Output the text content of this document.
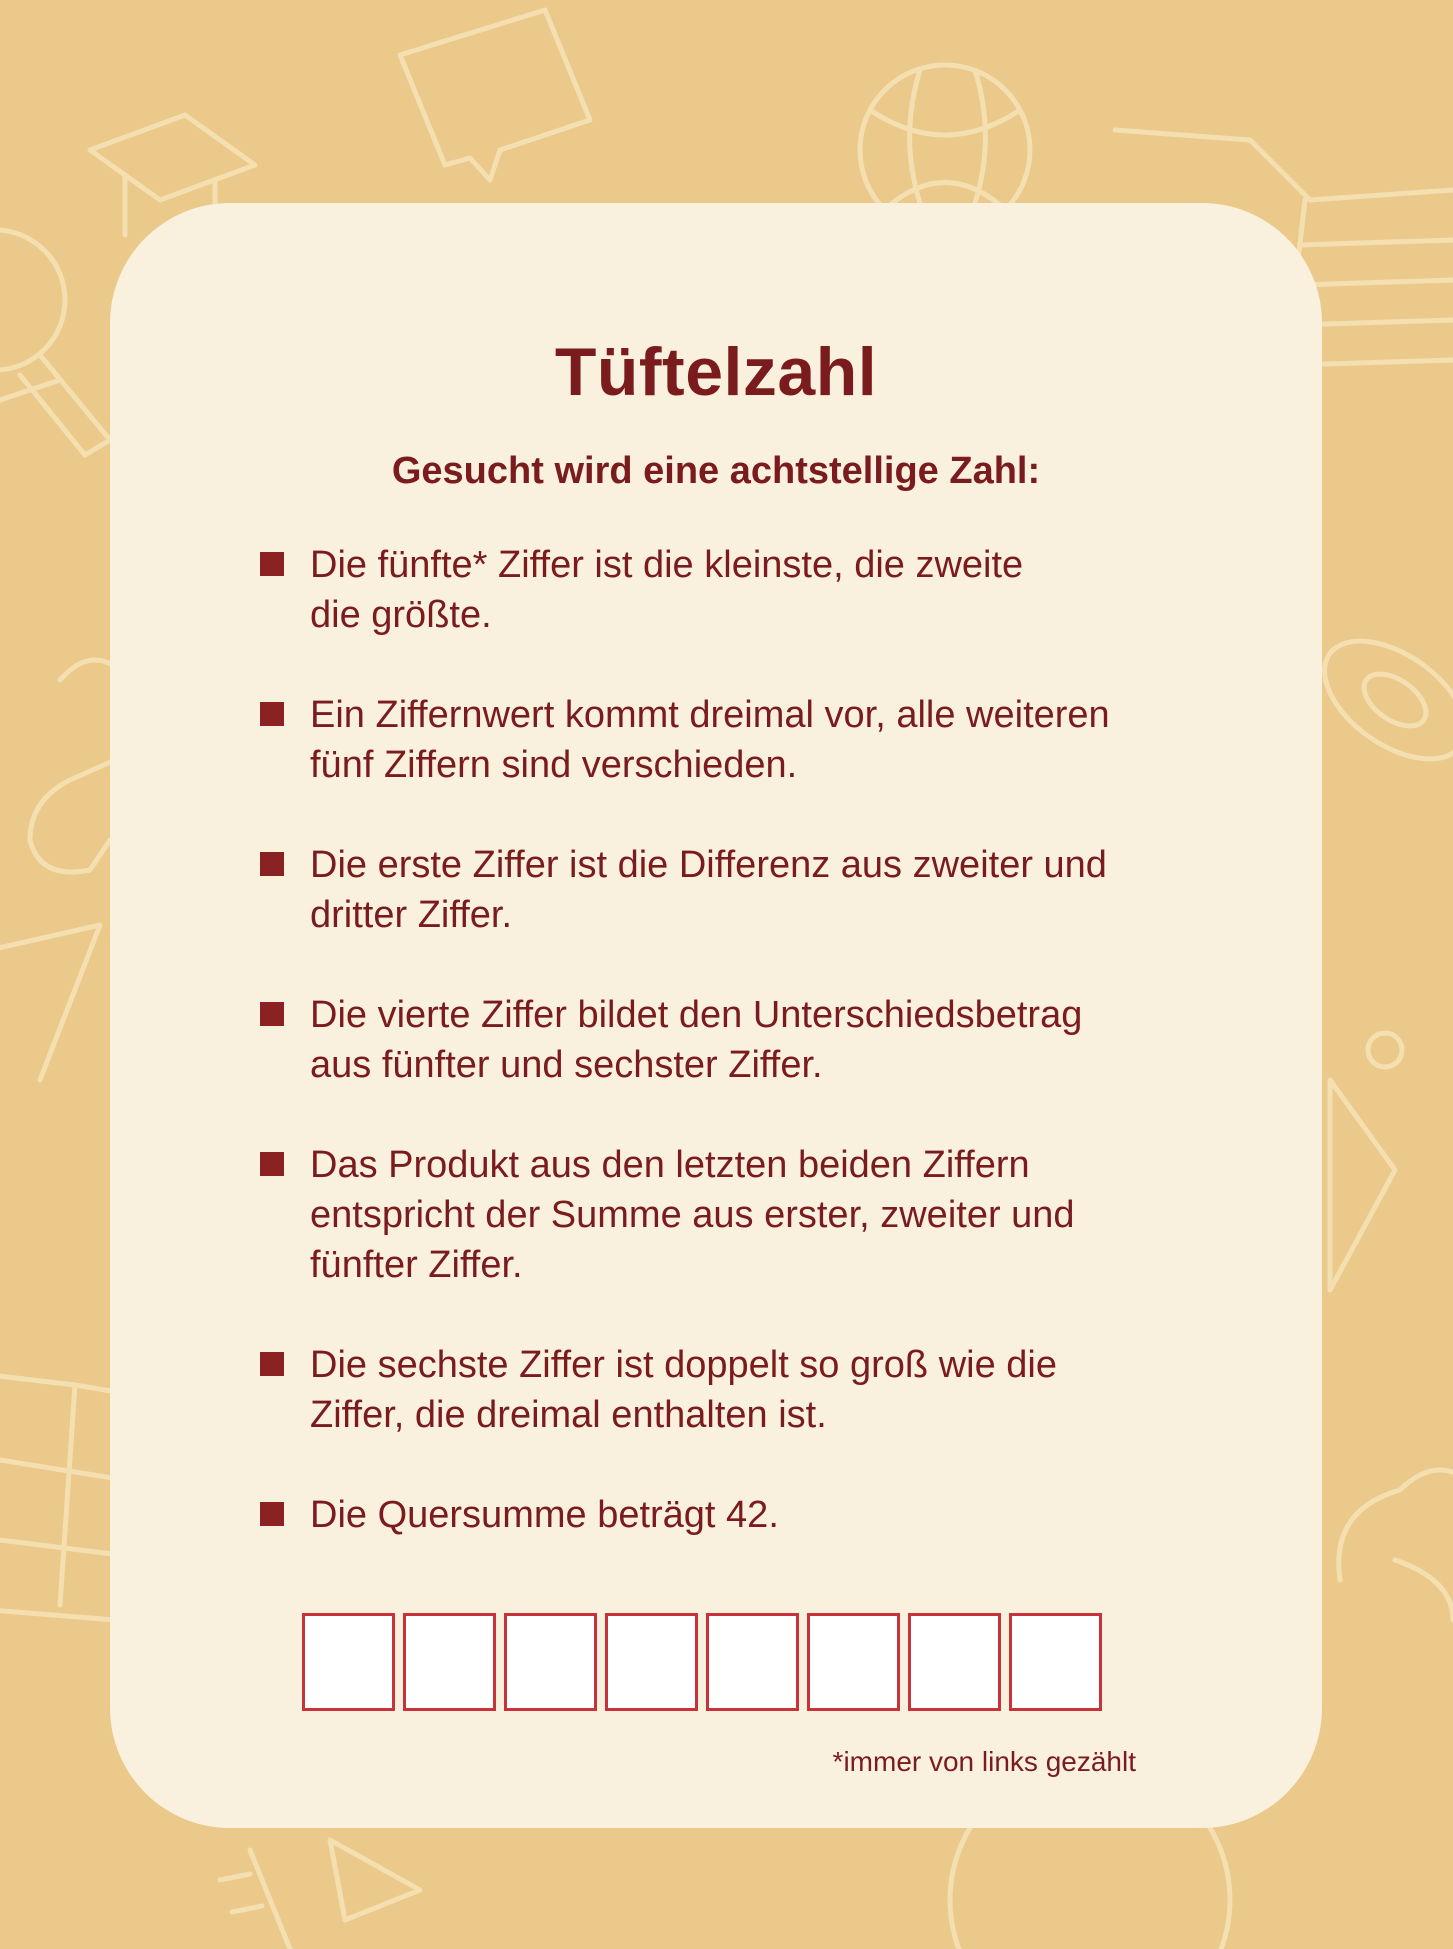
Tüftelzahl
Gesucht wird eine achtstellige Zahl:
Die fünfte* Ziffer ist die kleinste, die zweite
die größte.
Ein Ziffernwert kommt dreimal vor, alle weiteren
fünf Ziffern sind verschieden.
Die erste Ziffer ist die Differenz aus zweiter und
dritter Ziffer.
Die vierte Ziffer bildet den Unterschiedsbetrag
aus fünfter und sechster Ziffer.
Das Produkt aus den letzten beiden Ziffern
entspricht der Summe aus erster, zweiter und
fünfter Ziffer.
Die sechste Ziffer ist doppelt so groß wie die
Ziffer, die dreimal enthalten ist.
Die Quersumme beträgt 42.
*immer von links gezählt
